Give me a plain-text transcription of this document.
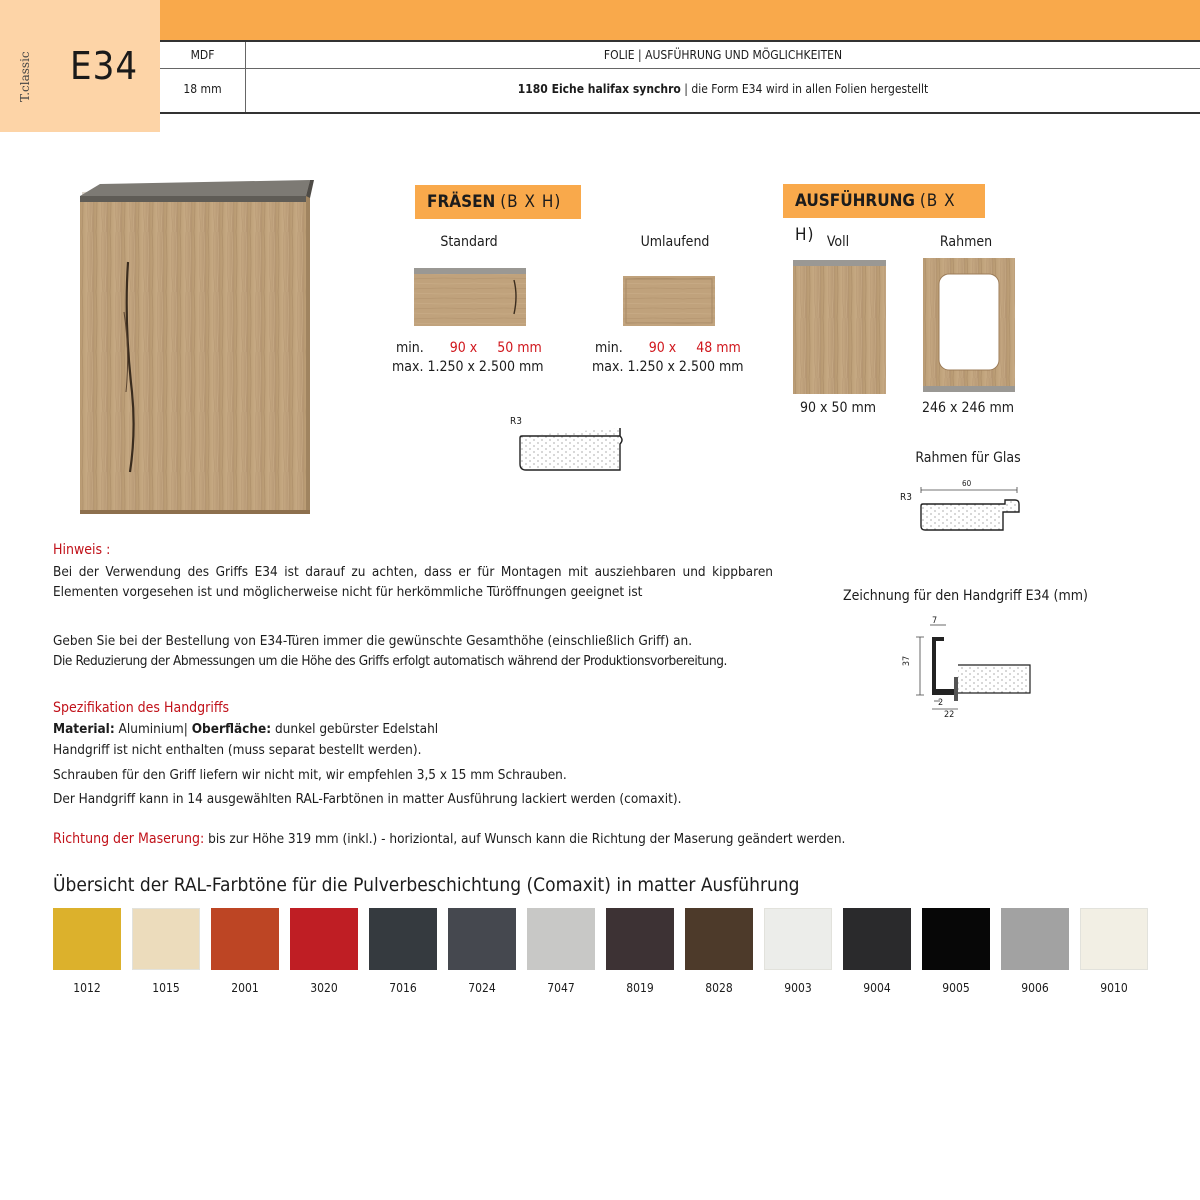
T.classic E34	MDF	FOLIE | AUSFÜHRUNG UND MÖGLICHKEITEN
18 mm	1180 Eiche halifax synchro | die Form E34 wird in allen Folien hergestellt
FRÄSEN (B X H)
Standard
min. 90 x 50 mm
max. 1.250 x 2.500 mm
Umlaufend
min. 90 x 48 mm
max. 1.250 x 2.500 mm
R3
AUSFÜHRUNG (B X H) Voll
90 x 50 mm
Rahmen
246 x 246 mm
Rahmen für Glas
R3
60
Zeichnung für den Handgriff E34 (mm)
7
37
2
22
Hinweis :
Bei der Verwendung des Griffs E34 ist darauf zu achten, dass er für Montagen mit ausziehbaren und kippbaren Elementen vorgesehen ist und möglicherweise nicht für herkömmliche Türöffnungen geeignet ist
Geben Sie bei der Bestellung von E34-Türen immer die gewünschte Gesamthöhe (einschließlich Griff) an.
Die Reduzierung der Abmessungen um die Höhe des Griffs erfolgt automatisch während der Produktionsvorbereitung.
Spezifikation des Handgriffs
Material: Aluminium| Oberfläche: dunkel gebürster Edelstahl
Handgriff ist nicht enthalten (muss separat bestellt werden).
Schrauben für den Griff liefern wir nicht mit, wir empfehlen 3,5 x 15 mm Schrauben.
Der Handgriff kann in 14 ausgewählten RAL-Farbtönen in matter Ausführung lackiert werden (comaxit).
Richtung der Maserung: bis zur Höhe 319 mm (inkl.) - horiziontal, auf Wunsch kann die Richtung der Maserung geändert werden.
Übersicht der RAL-Farbtöne für die Pulverbeschichtung (Comaxit) in matter Ausführung
1012	1015	2001	3020	7016	7024	7047	8019	8028	9003	9004	9005	9006	9010
